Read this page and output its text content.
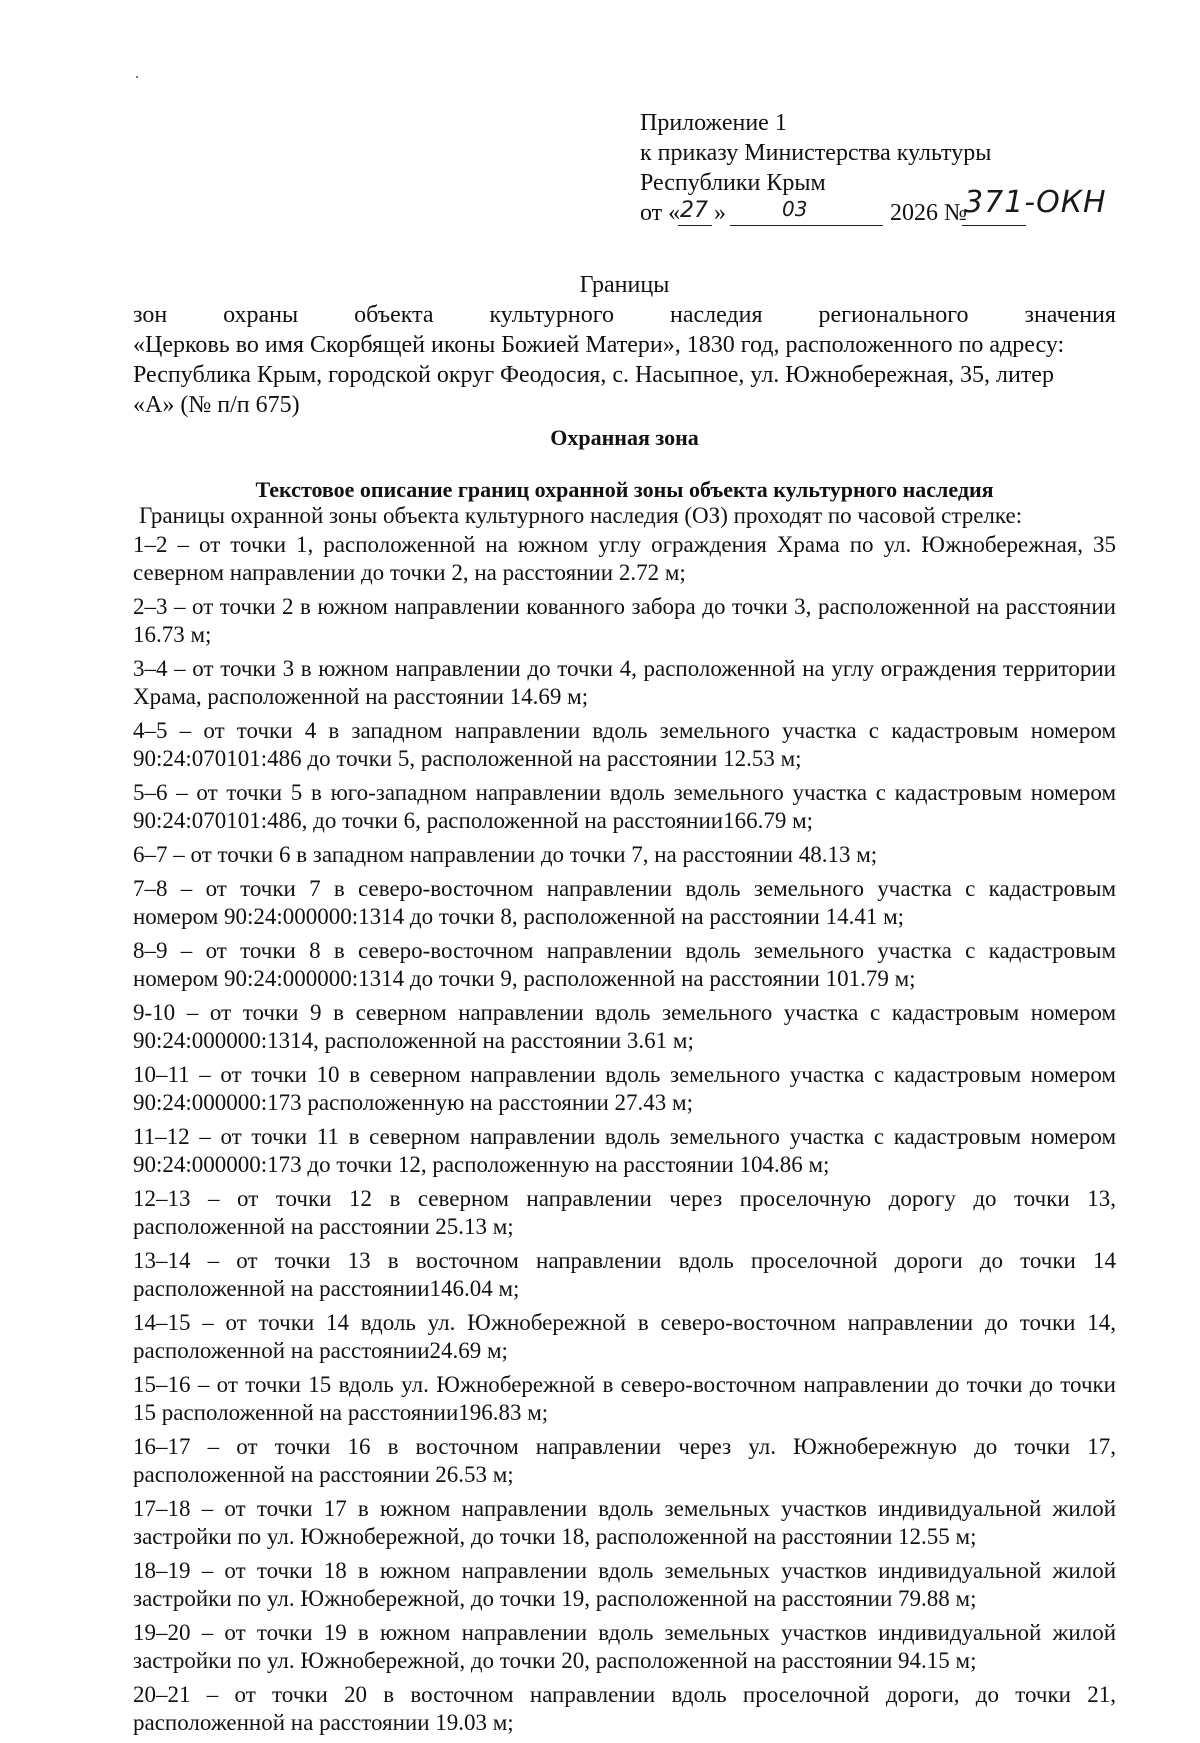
Приложение 1
к приказу Министерства культуры
Республики Крым
от « 27 »	03	2026 №
371-ОКН
Границы
зон охраны объекта культурного наследия регионального значения
«Церковь во имя Скорбящей иконы Божией Матери», 1830 год, расположенного по адресу:
Республика Крым, городской округ Феодосия, с. Насыпное, ул. Южнобережная, 35, литер
«А» (№ п/п 675)
Охранная зона
Текстовое описание границ охранной зоны объекта культурного наследия
Границы охранной зоны объекта культурного наследия (ОЗ) проходят по часовой стрелке:
1–2 – от точки 1, расположенной на южном углу ограждения Храма по ул. Южнобережная, 35 северном направлении до точки 2, на расстоянии 2.72 м;
2–3 – от точки 2 в южном направлении кованного забора до точки 3, расположенной на расстоянии 16.73 м;
3–4 – от точки 3 в южном направлении до точки 4, расположенной на углу ограждения территории Храма, расположенной на расстоянии 14.69 м;
4–5 – от точки 4 в западном направлении вдоль земельного участка с кадастровым номером 90:24:070101:486 до точки 5, расположенной на расстоянии 12.53 м;
5–6 – от точки 5 в юго-западном направлении вдоль земельного участка с кадастровым номером 90:24:070101:486, до точки 6, расположенной на расстоянии166.79 м;
6–7 – от точки 6 в западном направлении до точки 7, на расстоянии 48.13 м;
7–8 – от точки 7 в северо-восточном направлении вдоль земельного участка с кадастровым номером 90:24:000000:1314 до точки 8, расположенной на расстоянии 14.41 м;
8–9 – от точки 8 в северо-восточном направлении вдоль земельного участка с кадастровым номером 90:24:000000:1314 до точки 9, расположенной на расстоянии 101.79 м;
9-10 – от точки 9 в северном направлении вдоль земельного участка с кадастровым номером 90:24:000000:1314, расположенной на расстоянии 3.61 м;
10–11 – от точки 10 в северном направлении вдоль земельного участка с кадастровым номером 90:24:000000:173 расположенную на расстоянии 27.43 м;
11–12 – от точки 11 в северном направлении вдоль земельного участка с кадастровым номером 90:24:000000:173 до точки 12, расположенную на расстоянии 104.86 м;
12–13 – от точки 12 в северном направлении через проселочную дорогу до точки 13, расположенной на расстоянии 25.13 м;
13–14 – от точки 13 в восточном направлении вдоль проселочной дороги до точки 14 расположенной на расстоянии146.04 м;
14–15 – от точки 14 вдоль ул. Южнобережной в северо-восточном направлении до точки 14, расположенной на расстоянии24.69 м;
15–16 – от точки 15 вдоль ул. Южнобережной в северо-восточном направлении до точки до точки 15 расположенной на расстоянии196.83 м;
16–17 – от точки 16 в восточном направлении через ул. Южнобережную до точки 17, расположенной на расстоянии 26.53 м;
17–18 – от точки 17 в южном направлении вдоль земельных участков индивидуальной жилой застройки по ул. Южнобережной, до точки 18, расположенной на расстоянии 12.55 м;
18–19 – от точки 18 в южном направлении вдоль земельных участков индивидуальной жилой застройки по ул. Южнобережной, до точки 19, расположенной на расстоянии 79.88 м;
19–20 – от точки 19 в южном направлении вдоль земельных участков индивидуальной жилой застройки по ул. Южнобережной, до точки 20, расположенной на расстоянии 94.15 м;
20–21 – от точки 20 в восточном направлении вдоль проселочной дороги, до точки 21, расположенной на расстоянии 19.03 м;
